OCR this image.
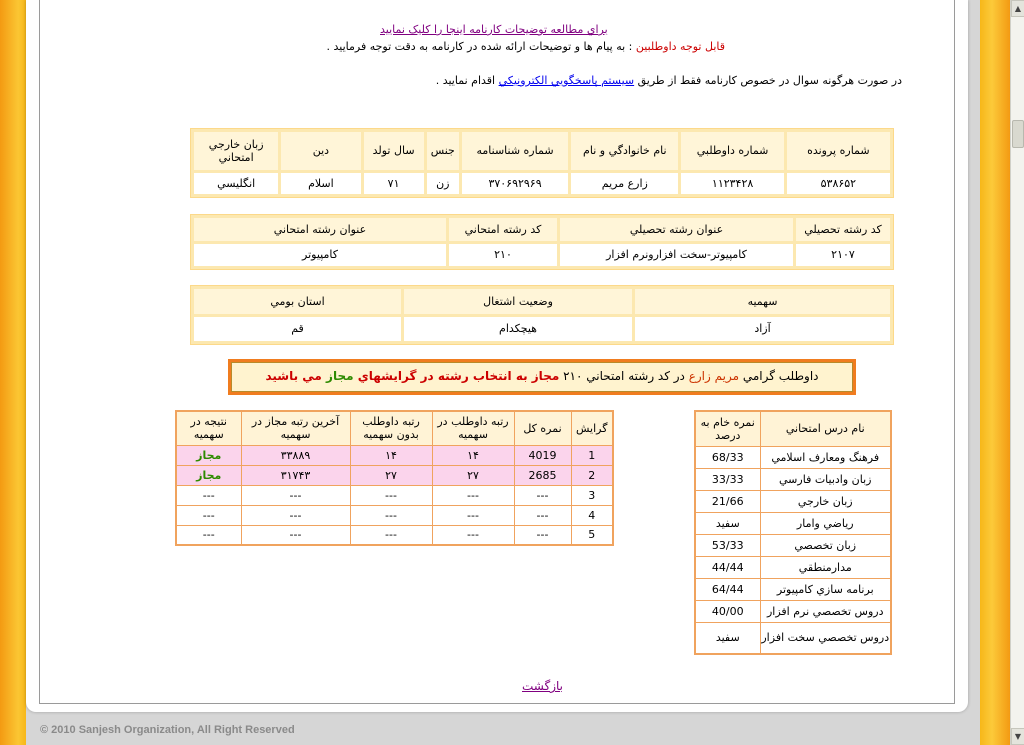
© 2010 Sanjesh Organization, All Right Reserved
براي مطالعه توضيحات كارنامه اينجا را كليک نماييد
قابل توجه داوطلبين : به پيام ها و توضيحات ارائه شده در كارنامه به دقت توجه فرماييد .
در صورت هرگونه سوال در خصوص كارنامه فقط از طريق سيستم پاسخگويي الكترونيكي اقدام نماييد .
شماره پرونده	شماره داوطلبي	نام خانوادگي و نام	شماره شناسنامه	جنس	سال تولد	دين	زبان خارجي امتحاني
۵۳۸۶۵۲	۱۱۲۳۴۲۸	زارع مريم	۳۷۰۶۹۲۹۶۹	زن	۷۱	اسلام	انگليسي
كد رشته تحصيلي	عنوان رشته تحصيلي	كد رشته امتحاني	عنوان رشته امتحاني
۲۱۰۷	كامپيوتر-سخت افزارونرم افزار	۲۱۰	كامپيوتر
سهميه	وضعيت اشتغال	استان بومي
آزاد	هيچكدام	قم
داوطلب گرامي مريم زارع در كد رشته امتحاني ۲۱۰ مجاز به انتخاب رشته در گرايشهاي مجاز مي باشيد
نام درس امتحاني	نمره خام به درصد
فرهنگ ومعارف اسلامي	68/33
زبان وادبيات فارسي	33/33
زبان خارجي	21/66
رياضي وامار	سفيد
زبان تخصصي	53/33
مدارمنطقي	44/44
برنامه سازي كامپيوتر	64/44
دروس تخصصي نرم افزار	40/00
دروس تخصصي سخت افزار	سفيد
گرايش	نمره كل	رتبه داوطلب در سهميه	رتبه داوطلب بدون سهميه	آخرين رتبه مجاز در سهميه	نتيجه در سهميه
1	4019	۱۴	۱۴	۳۳۸۸۹	مجاز
2	2685	۲۷	۲۷	۳۱۷۴۳	مجاز
3	---	---	---	---	---
4	---	---	---	---	---
5	---	---	---	---	---
بازگشت
▲
▼
